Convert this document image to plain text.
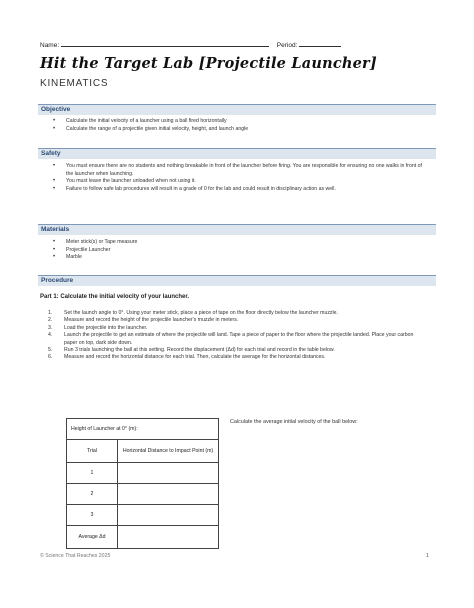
Name:	Period:
Hit the Target Lab [Projectile Launcher]
KINEMATICS
Objective
• Calculate the initial velocity of a launcher using a ball fired horizontally
• Calculate the range of a projectile given initial velocity, height, and launch angle
Safety
• You must ensure there are no students and nothing breakable in front of the launcher before firing. You are responsible for ensuring no one walks in front of the launcher when launching.
• You must leave the launcher unloaded when not using it.
• Failure to follow safe lab procedures will result in a grade of 0 for the lab and could result in disciplinary action as well.
Materials
• Meter stick(s) or Tape measure
• Projectile Launcher
• Marble
Procedure
Part 1: Calculate the initial velocity of your launcher.
1. Set the launch angle to 0°. Using your meter stick, place a piece of tape on the floor directly below the launcher muzzle.
2. Measure and record the height of the projectile launcher's muzzle in meters.
3. Load the projectile into the launcher.
4. Launch the projectile to get an estimate of where the projectile will land. Tape a piece of paper to the floor where the projectile landed. Place your carbon paper on top, dark side down.
5. Run 3 trials launching the ball at this setting. Record the displacement (Δd) for each trial and record in the table below.
6. Measure and record the horizontal distance for each trial. Then, calculate the average for the horizontal distances.
Height of Launcher at 0° (m):	
Trial	Horizontal Distance to Impact Point (m)
1	
2	
3	
Average Δd	
Calculate the average initial velocity of the ball below:
© Science That Reaches 2025	1
